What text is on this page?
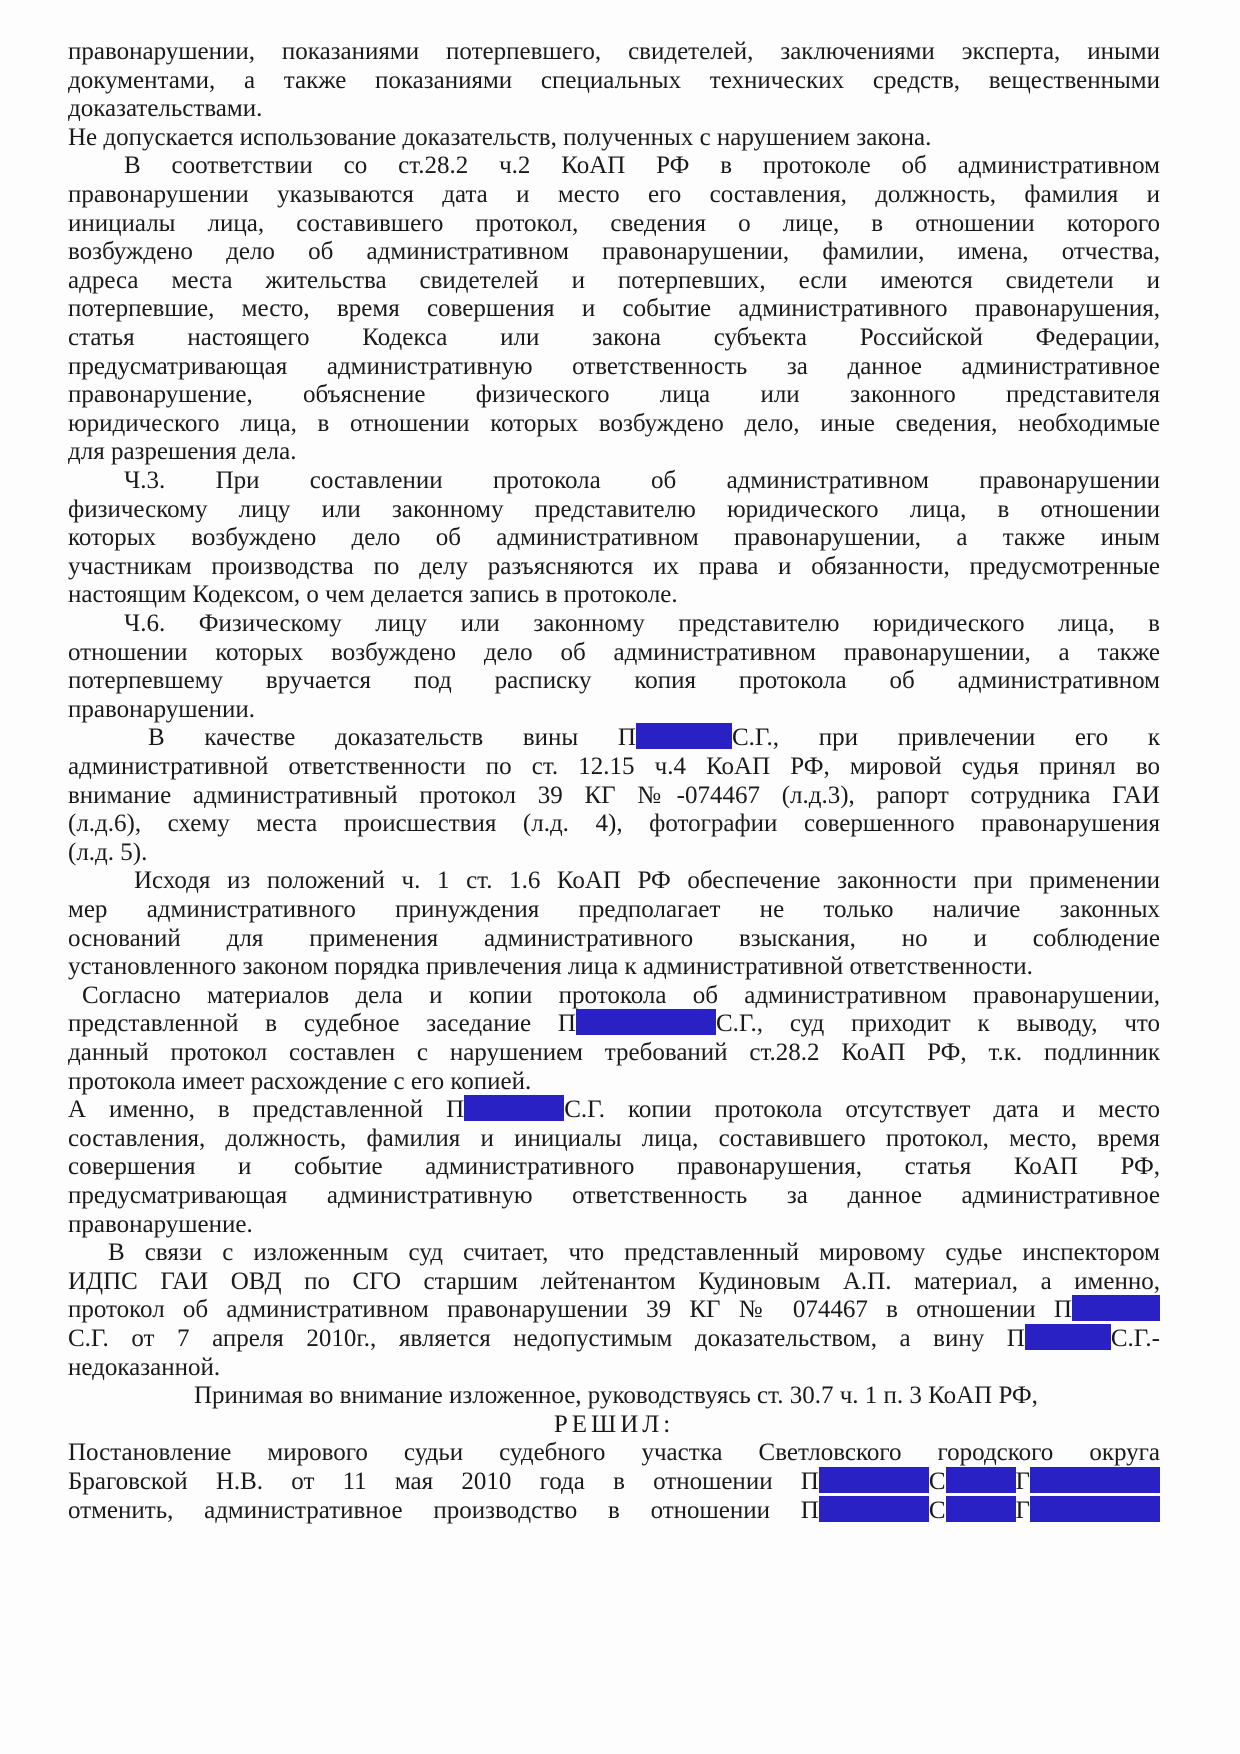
правонарушении, показаниями потерпевшего, свидетелей, заключениями эксперта, иными
документами, а также показаниями специальных технических средств, вещественными
доказательствами.
Не допускается использование доказательств, полученных с нарушением закона.
В соответствии со ст.28.2 ч.2 КоАП РФ в протоколе об административном
правонарушении указываются дата и место его составления, должность, фамилия и
инициалы лица, составившего протокол, сведения о лице, в отношении которого
возбуждено дело об административном правонарушении, фамилии, имена, отчества,
адреса места жительства свидетелей и потерпевших, если имеются свидетели и
потерпевшие, место, время совершения и событие административного правонарушения,
статья настоящего Кодекса или закона субъекта Российской Федерации,
предусматривающая административную ответственность за данное административное
правонарушение, объяснение физического лица или законного представителя
юридического лица, в отношении которых возбуждено дело, иные сведения, необходимые
для разрешения дела.
Ч.3. При составлении протокола об административном правонарушении
физическому лицу или законному представителю юридического лица, в отношении
которых возбуждено дело об административном правонарушении, а также иным
участникам производства по делу разъясняются их права и обязанности, предусмотренные
настоящим Кодексом, о чем делается запись в протоколе.
Ч.6. Физическому лицу или законному представителю юридического лица, в
отношении которых возбуждено дело об административном правонарушении, а также
потерпевшему вручается под расписку копия протокола об административном
правонарушении.
В качестве доказательств вины П	С.Г., при привлечении его к
административной ответственности по ст. 12.15 ч.4 КоАП РФ, мировой судья принял во
внимание административный протокол 39 КГ №-074467 (л.д.3), рапорт сотрудника ГАИ
(л.д.6), схему места происшествия (л.д. 4), фотографии совершенного правонарушения
(л.д. 5).
Исходя из положений ч. 1 ст. 1.6 КоАП РФ обеспечение законности при применении
мер административного принуждения предполагает не только наличие законных
оснований для применения административного взыскания, но и соблюдение
установленного законом порядка привлечения лица к административной ответственности.
Согласно материалов дела и копии протокола об административном правонарушении,
представленной в судебное заседание П	С.Г., суд приходит к выводу, что
данный протокол составлен с нарушением требований ст.28.2 КоАП РФ, т.к. подлинник
протокола имеет расхождение с его копией.
А именно, в представленной П	С.Г. копии протокола отсутствует дата и место
составления, должность, фамилия и инициалы лица, составившего протокол, место, время
совершения и событие административного правонарушения, статья КоАП РФ,
предусматривающая административную ответственность за данное административное
правонарушение.
В связи с изложенным суд считает, что представленный мировому судье инспектором
ИДПС ГАИ ОВД по СГО старшим лейтенантом Кудиновым А.П. материал, а именно,
протокол об административном правонарушении 39 КГ № 074467 в отношении П
С.Г. от 7 апреля 2010г., является недопустимым доказательством, а вину П	С.Г.-
недоказанной.
Принимая во внимание изложенное, руководствуясь ст. 30.7 ч. 1 п. 3 КоАП РФ,
РЕШИЛ:
Постановление мирового судьи судебного участка Светловского городского округа
Браговской Н.В. от 11 мая 2010 года в отношении П	С	Г
отменить, административное производство в отношении П	С	Г
